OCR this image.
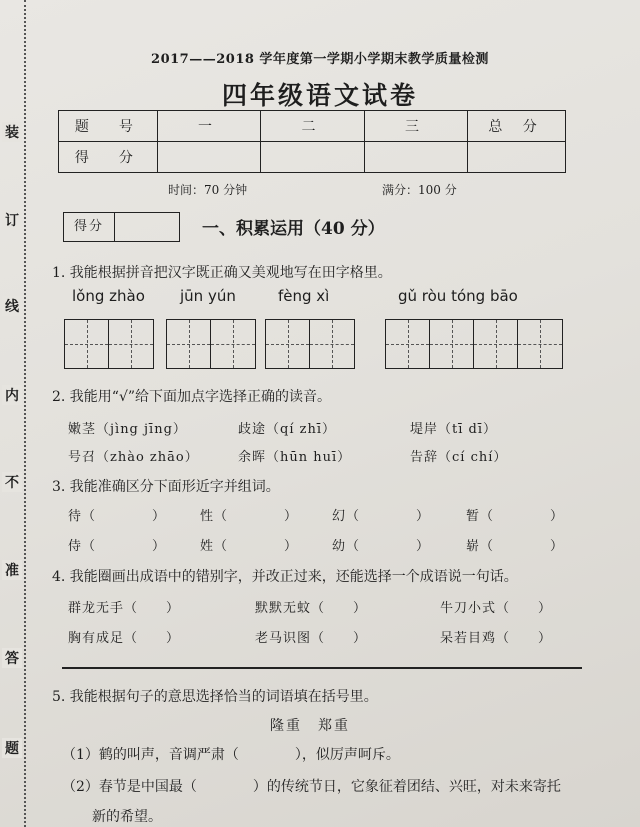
装
订
线
内
不
准
答
题
2017——2018 学年度第一学期小学期末教学质量检测
四年级语文试卷
题　号	一	二	三	总 分
得　分				
时间：70 分钟	满分：100 分
得分	一、积累运用（40 分）
1. 我能根据拼音把汉字既正确又美观地写在田字格里。
lǒng zhào jūn yún	fèng xì	gǔ ròu tóng bāo
2. 我能用“√”给下面加点字选择正确的读音。
嫩茎（jìng jīng）	歧途（qí zhī）	堤岸（tī dī）
号召（zhào zhāo）	余晖（hūn huī）	告辞（cí chí）
3. 我能准确区分下面形近字并组词。
待（　　　　）	性（　　　　）	幻（　　　　）	暂（　　　　）
侍（　　　　）	姓（　　　　）	幼（　　　　）	崭（　　　　）
4. 我能圈画出成语中的错别字，并改正过来，还能选择一个成语说一句话。
群龙无手（　　）	默默无蚊（　　）	牛刀小式（　　）
胸有成足（　　）	老马识图（　　）	呆若目鸡（　　）
5. 我能根据句子的意思选择恰当的词语填在括号里。
隆重　郑重
（1）鹤的叫声，音调严肃（　　　　），似厉声呵斥。
（2）春节是中国最（　　　　）的传统节日，它象征着团结、兴旺，对未来寄托
新的希望。
